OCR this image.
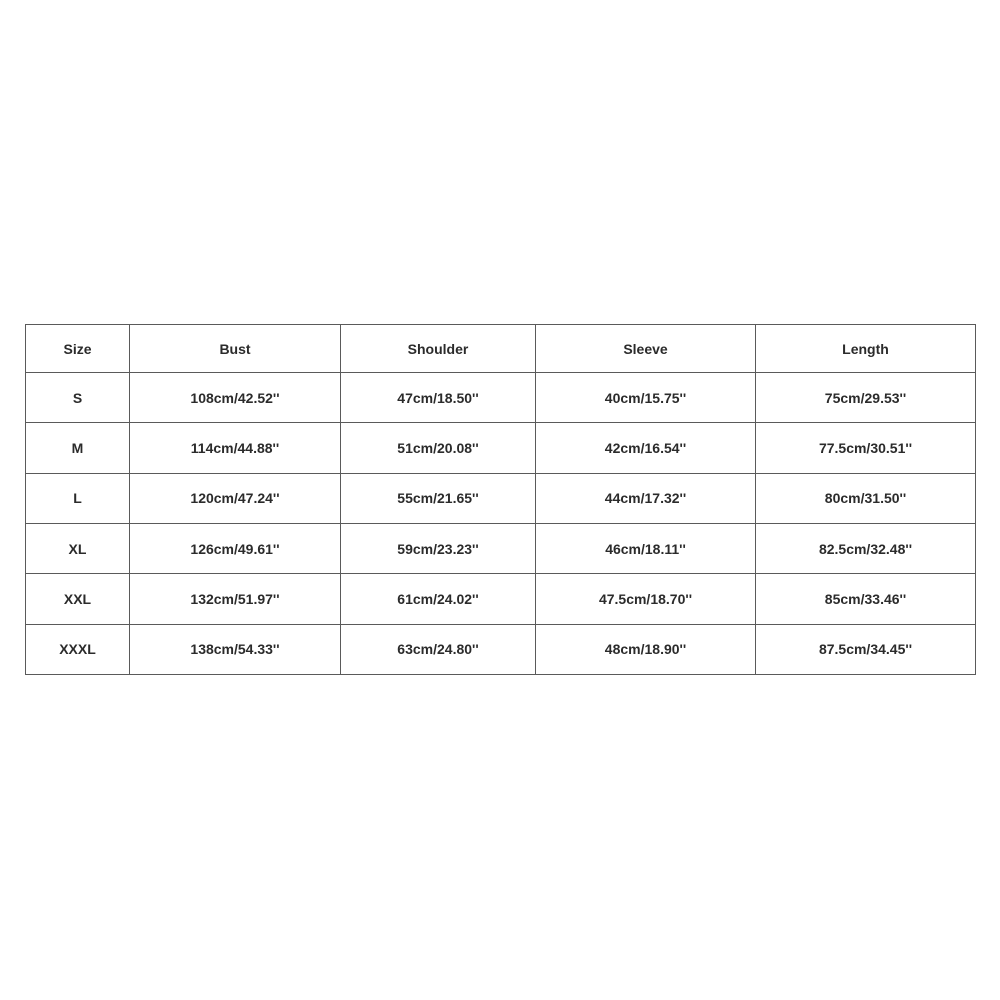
Size	Bust	Shoulder	Sleeve	Length
S	108cm/42.52''	47cm/18.50''	40cm/15.75''	75cm/29.53''
M	114cm/44.88''	51cm/20.08''	42cm/16.54''	77.5cm/30.51''
L	120cm/47.24''	55cm/21.65''	44cm/17.32''	80cm/31.50''
XL	126cm/49.61''	59cm/23.23''	46cm/18.11''	82.5cm/32.48''
XXL	132cm/51.97''	61cm/24.02''	47.5cm/18.70''	85cm/33.46''
XXXL	138cm/54.33''	63cm/24.80''	48cm/18.90''	87.5cm/34.45''
